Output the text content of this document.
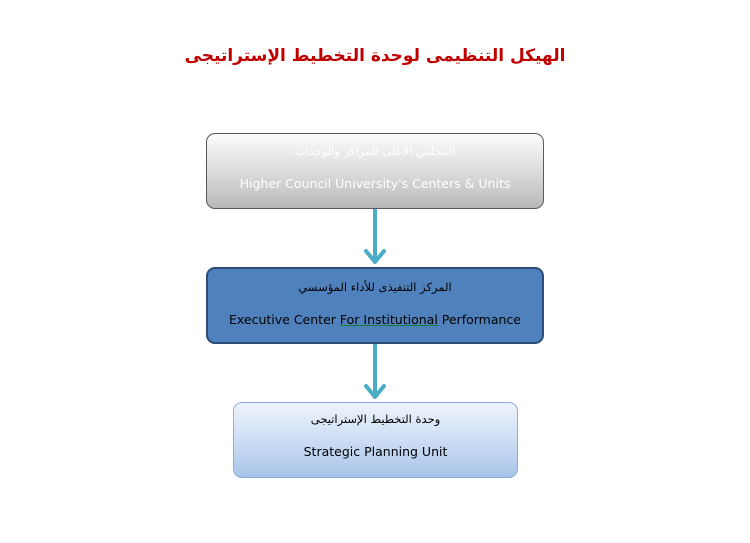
الهيكل التنظيمى لوحدة التخطيط الإستراتيجى
المجلس الاعلى للمراكز والوحدات
Higher Council University's Centers & Units
المركز التنفيذى للأداء المؤسسي
Executive Center For Institutional Performance
وحدة التخطيط الإستراتيجى
Strategic Planning Unit
